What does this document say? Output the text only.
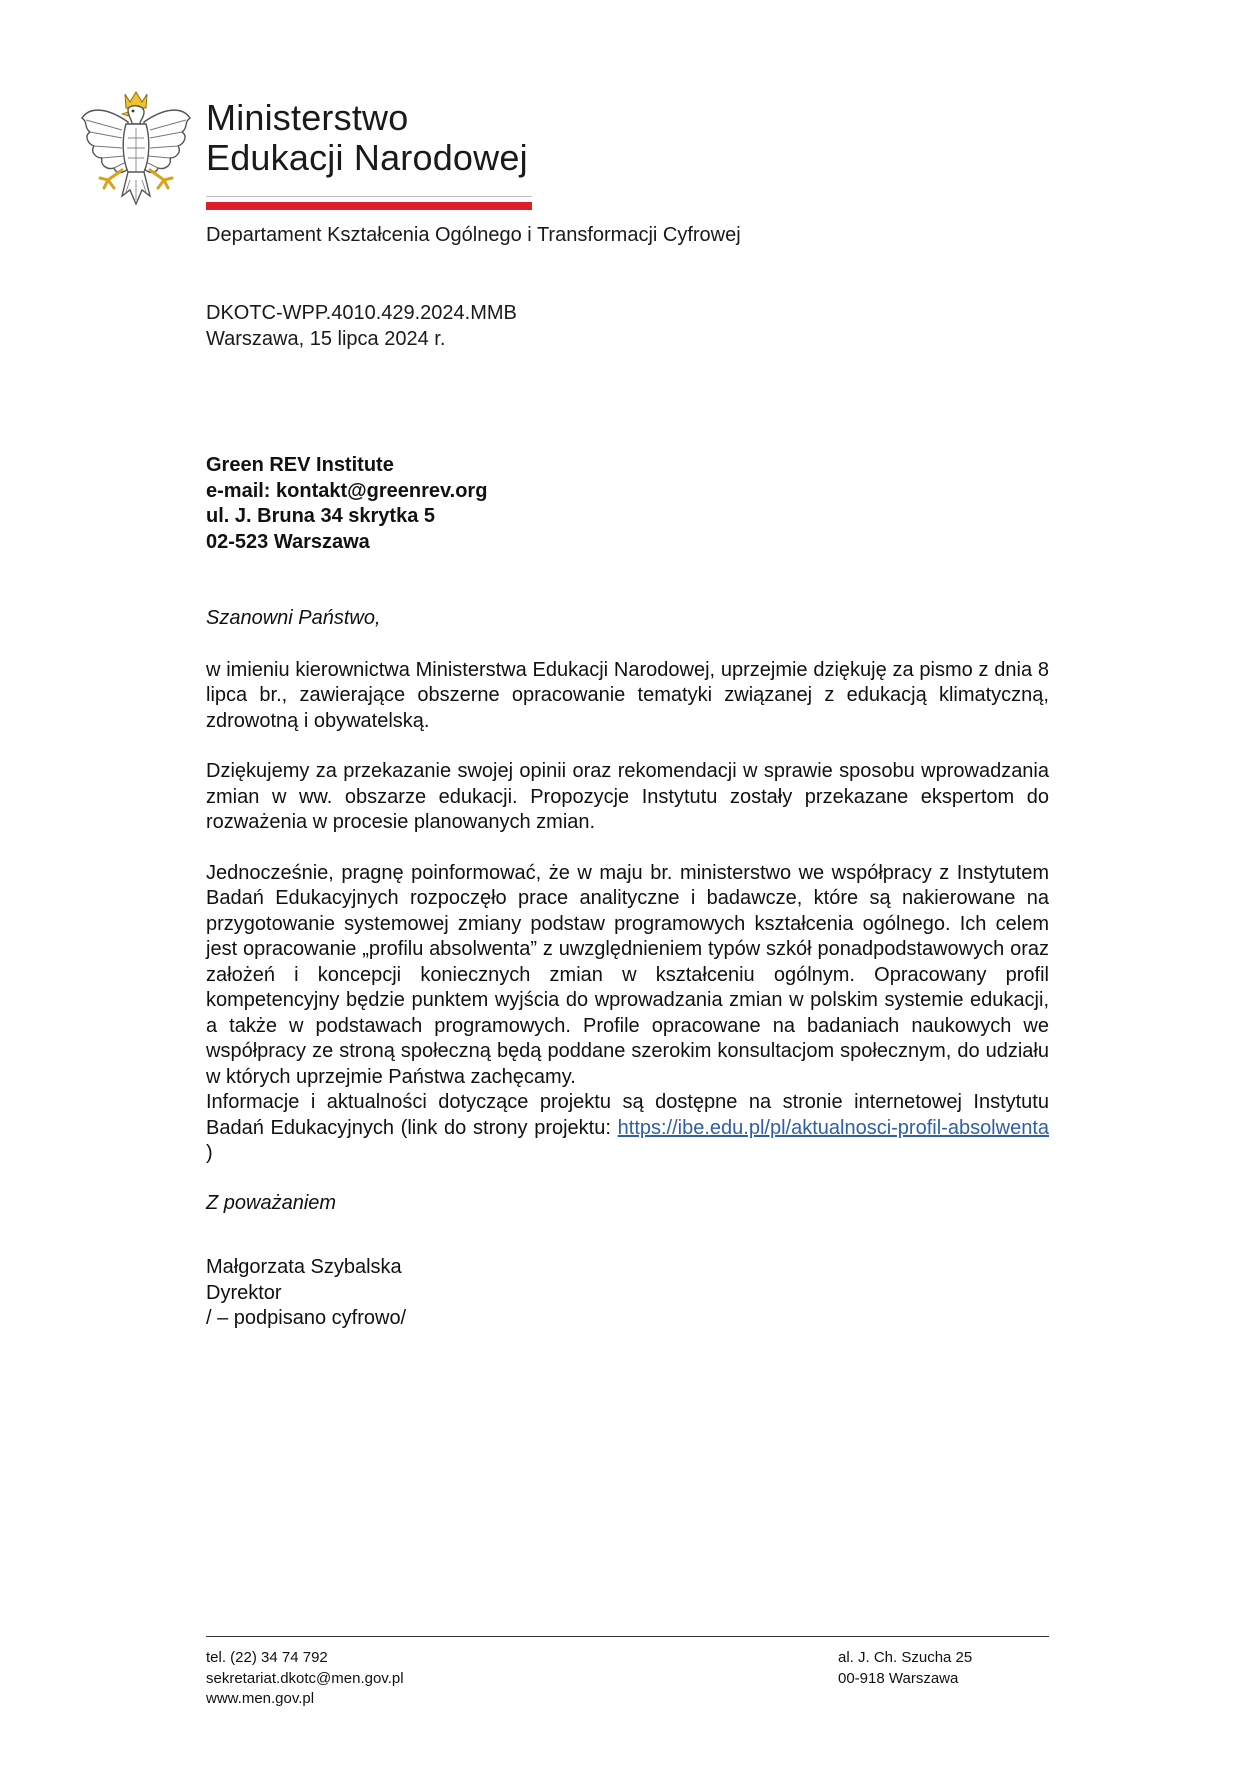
Ministerstwo
Edukacji Narodowej
Departament Kształcenia Ogólnego i Transformacji Cyfrowej
DKOTC-WPP.4010.429.2024.MMB
Warszawa, 15 lipca 2024 r.
Green REV Institute
e-mail: kontakt@greenrev.org
ul. J. Bruna 34 skrytka 5
02-523 Warszawa

Szanowni Państwo,

w imieniu kierownictwa Ministerstwa Edukacji Narodowej, uprzejmie dziękuję za pismo z dnia 8 lipca br., zawierające obszerne opracowanie tematyki związanej z edukacją klimatyczną, zdrowotną i obywatelską.

Dziękujemy za przekazanie swojej opinii oraz rekomendacji w sprawie sposobu wprowadzania zmian w ww. obszarze edukacji. Propozycje Instytutu zostały przekazane ekspertom do rozważenia w procesie planowanych zmian.

Jednocześnie, pragnę poinformować, że w maju br. ministerstwo we współpracy z Instytutem Badań Edukacyjnych rozpoczęło prace analityczne i badawcze, które są nakierowane na przygotowanie systemowej zmiany podstaw programowych kształcenia ogólnego. Ich celem jest opracowanie „profilu absolwenta” z uwzględnieniem typów szkół ponadpodstawowych oraz założeń i koncepcji koniecznych zmian w kształceniu ogólnym. Opracowany profil kompetencyjny będzie punktem wyjścia do wprowadzania zmian w polskim systemie edukacji, a także w podstawach programowych. Profile opracowane na badaniach naukowych we współpracy ze stroną społeczną będą poddane szerokim konsultacjom społecznym, do udziału w których uprzejmie Państwa zachęcamy.

Informacje i aktualności dotyczące projektu są dostępne na stronie internetowej Instytutu Badań Edukacyjnych (link do strony projektu: https://ibe.edu.pl/pl/aktualnosci-profil-absolwenta )

Z poważaniem

Małgorzata Szybalska
Dyrektor
/ – podpisano cyfrowo/
tel. (22) 34 74 792
sekretariat.dkotc@men.gov.pl
www.men.gov.pl
al. J. Ch. Szucha 25
00-918 Warszawa
